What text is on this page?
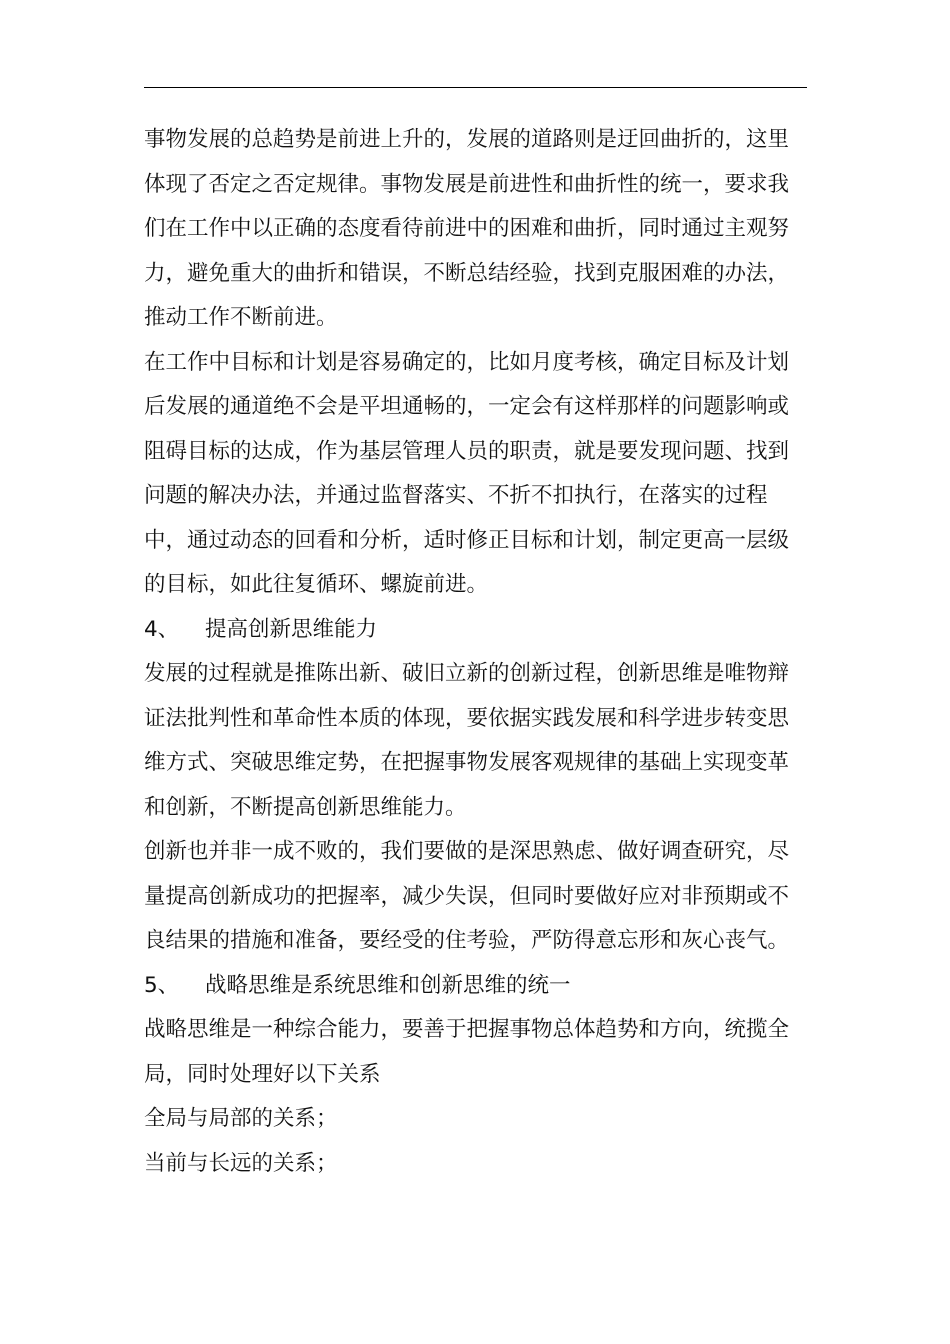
事物发展的总趋势是前进上升的，发展的道路则是迂回曲折的，这里体现了否定之否定规律。事物发展是前进性和曲折性的统一，要求我们在工作中以正确的态度看待前进中的困难和曲折，同时通过主观努力，避免重大的曲折和错误，不断总结经验，找到克服困难的办法，推动工作不断前进。

在工作中目标和计划是容易确定的，比如月度考核，确定目标及计划后发展的通道绝不会是平坦通畅的，一定会有这样那样的问题影响或阻碍目标的达成，作为基层管理人员的职责，就是要发现问题、找到问题的解决办法，并通过监督落实、不折不扣执行，在落实的过程中，通过动态的回看和分析，适时修正目标和计划，制定更高一层级的目标，如此往复循环、螺旋前进。

4、	提高创新思维能力

发展的过程就是推陈出新、破旧立新的创新过程，创新思维是唯物辩证法批判性和革命性本质的体现，要依据实践发展和科学进步转变思维方式、突破思维定势，在把握事物发展客观规律的基础上实现变革和创新，不断提高创新思维能力。

创新也并非一成不败的，我们要做的是深思熟虑、做好调查研究，尽量提高创新成功的把握率，减少失误，但同时要做好应对非预期或不良结果的措施和准备，要经受的住考验，严防得意忘形和灰心丧气。

5、	战略思维是系统思维和创新思维的统一

战略思维是一种综合能力，要善于把握事物总体趋势和方向，统揽全局，同时处理好以下关系

全局与局部的关系；

当前与长远的关系；
